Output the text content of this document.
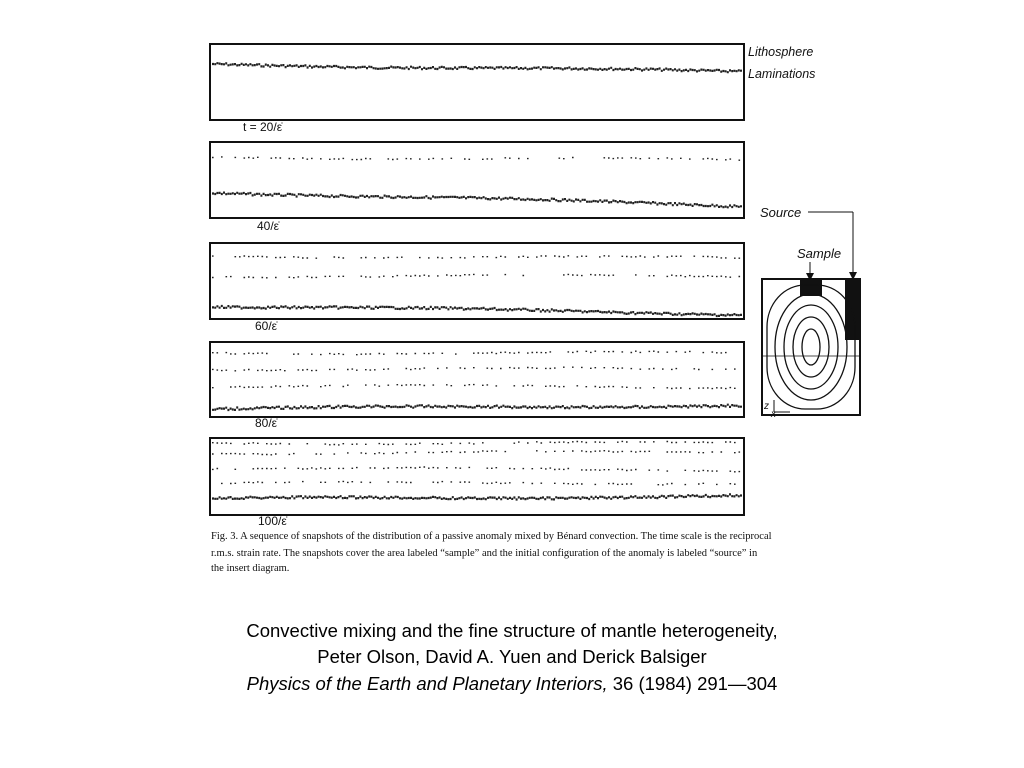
Lithosphere
Laminations
t = 20/ε̇
40/ε̇
60/ε̇
80/ε̇
100/ε̇
Source
Sample
z
x
Fig. 3. A sequence of snapshots of the distribution of a passive anomaly mixed by Bénard convection. The time scale is the reciprocal
r.m.s. strain rate. The snapshots cover the area labeled “sample” and the initial configuration of the anomaly is labeled “source” in
the insert diagram.
Convective mixing and the fine structure of mantle heterogeneity,
Peter Olson, David A. Yuen and Derick Balsiger
Physics of the Earth and Planetary Interiors, 36 (1984) 291—304
